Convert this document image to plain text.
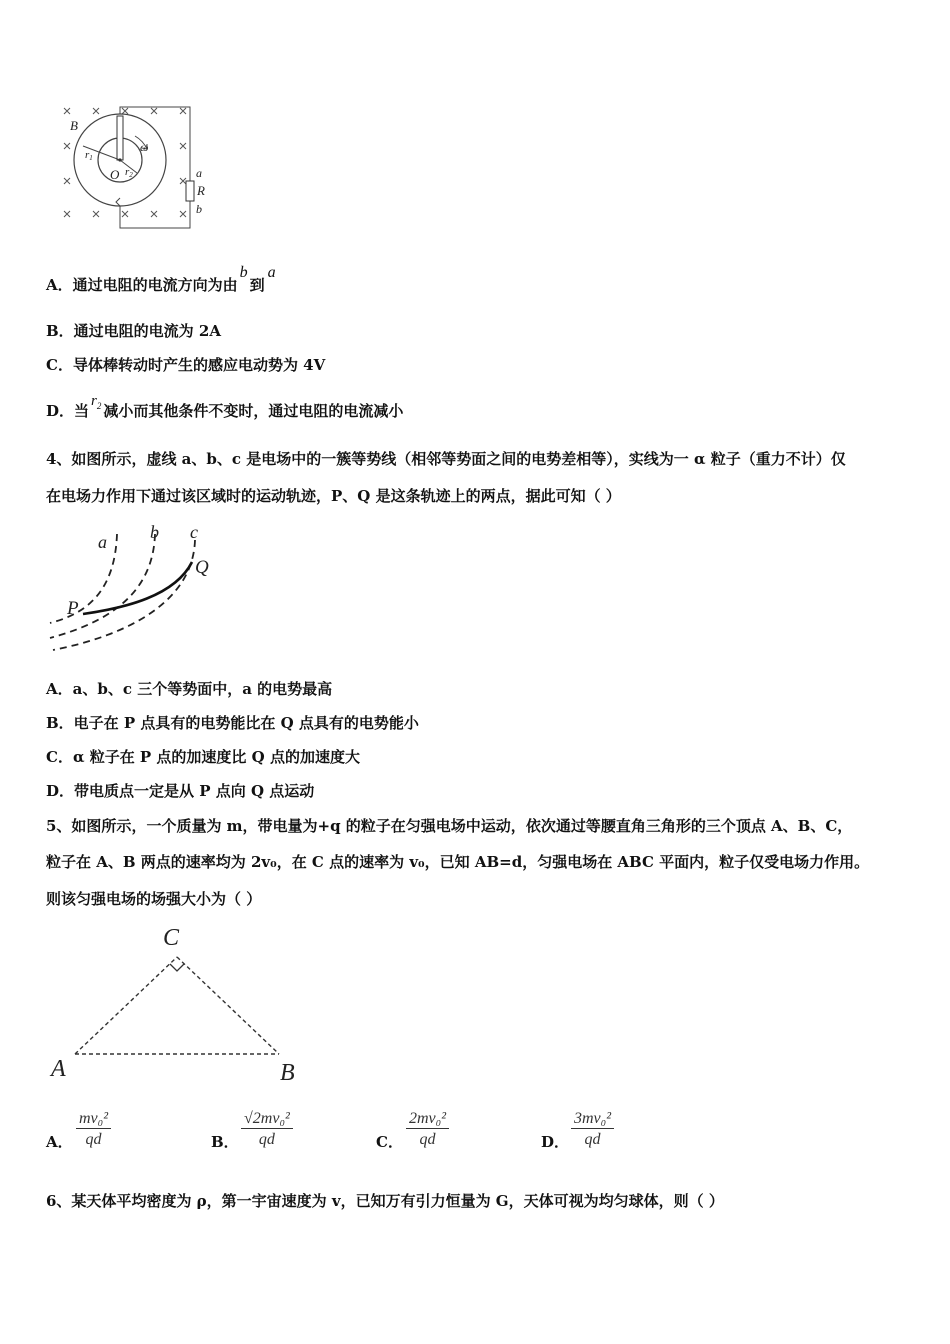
B
O
r1
r2
ω
a
R
b
A．通过电阻的电流方向为由b到a
B．通过电阻的电流为 2A
C．导体棒转动时产生的感应电动势为 4V
D．当$r_2$ 减小而其他条件不变时，通过电阻的电流减小
4、如图所示，虚线 a、b、c 是电场中的一簇等势线（相邻等势面之间的电势差相等），实线为一 α 粒子（重力不计）仅
在电场力作用下通过该区域时的运动轨迹，P、Q 是这条轨迹上的两点，据此可知（ ）
a b c
Q
P
A．a、b、c 三个等势面中，a 的电势最高
B．电子在 P 点具有的电势能比在 Q 点具有的电势能小
C．α 粒子在 P 点的加速度比 Q 点的加速度大
D．带电质点一定是从 P 点向 Q 点运动
5、如图所示，一个质量为 m，带电量为+q 的粒子在匀强电场中运动，依次通过等腰直角三角形的三个顶点 A、B、C，
粒子在 A、B 两点的速率均为 2v₀，在 C 点的速率为 v₀，已知 AB=d，匀强电场在 ABC 平面内，粒子仅受电场力作用。
则该匀强电场的场强大小为（ ）
C
A	B
A． $\frac{\text{mv₀²}}{qd}$	B． $\frac{\text{√2mv₀²}}{qd}$	C． $\frac{\text{2mv₀²}}{qd}$	D． $\frac{\text{3mv₀²}}{qd}$
6、某天体平均密度为 ρ，第一宇宙速度为 v，已知万有引力恒量为 G，天体可视为均匀球体，则（ ）
